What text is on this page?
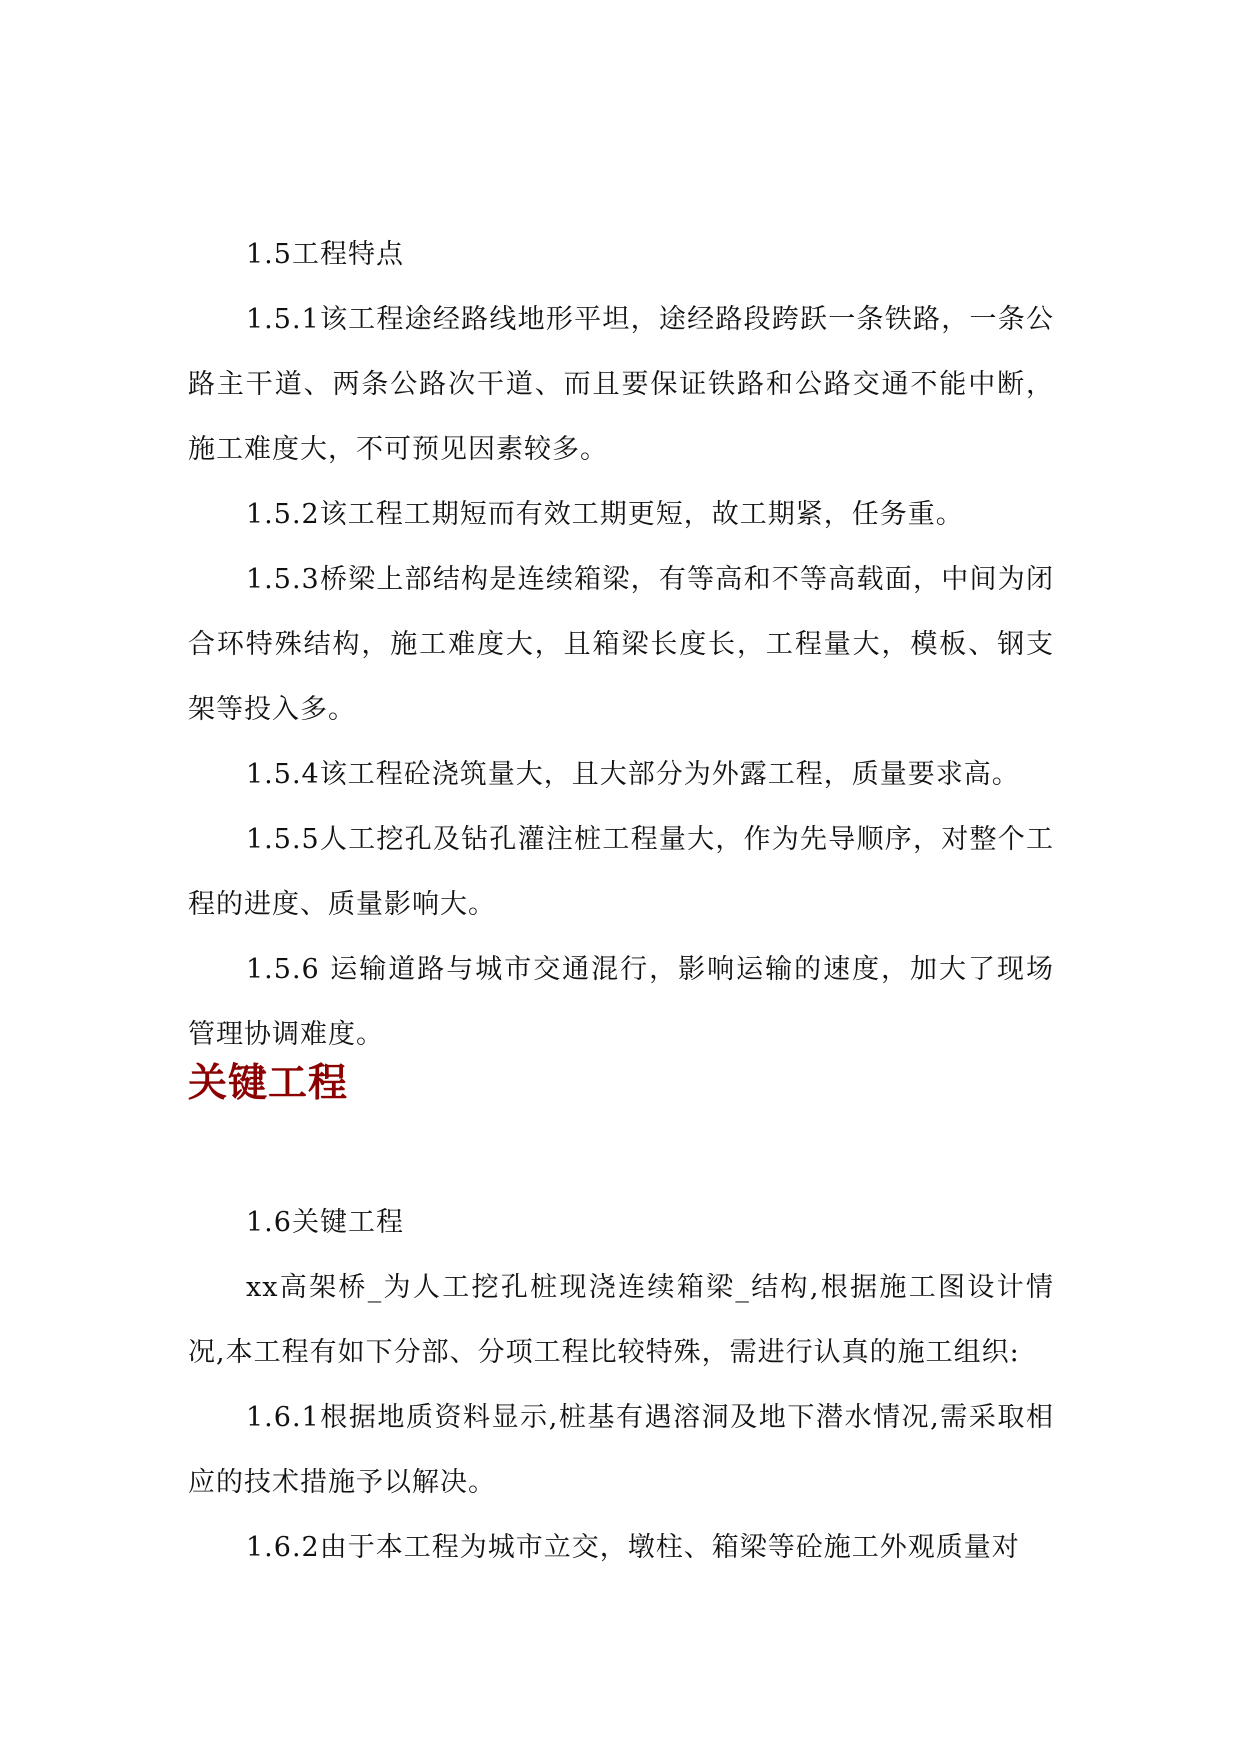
1.5工程特点

1.5.1该工程途经路线地形平坦，途经路段跨跃一条铁路，一条公路主干道、两条公路次干道、而且要保证铁路和公路交通不能中断，施工难度大，不可预见因素较多。

1.5.2该工程工期短而有效工期更短，故工期紧，任务重。

1.5.3桥梁上部结构是连续箱梁，有等高和不等高载面，中间为闭合环特殊结构，施工难度大，且箱梁长度长，工程量大，模板、钢支架等投入多。

1.5.4该工程砼浇筑量大，且大部分为外露工程，质量要求高。

1.5.5人工挖孔及钻孔灌注桩工程量大，作为先导顺序，对整个工程的进度、质量影响大。

1.5.6 运输道路与城市交通混行，影响运输的速度，加大了现场管理协调难度。

关键工程

1.6关键工程

xx高架桥_为人工挖孔桩现浇连续箱梁_结构,根据施工图设计情况,本工程有如下分部、分项工程比较特殊，需进行认真的施工组织:

1.6.1根据地质资料显示,桩基有遇溶洞及地下潜水情况,需采取相应的技术措施予以解决。

1.6.2由于本工程为城市立交，墩柱、箱梁等砼施工外观质量对
